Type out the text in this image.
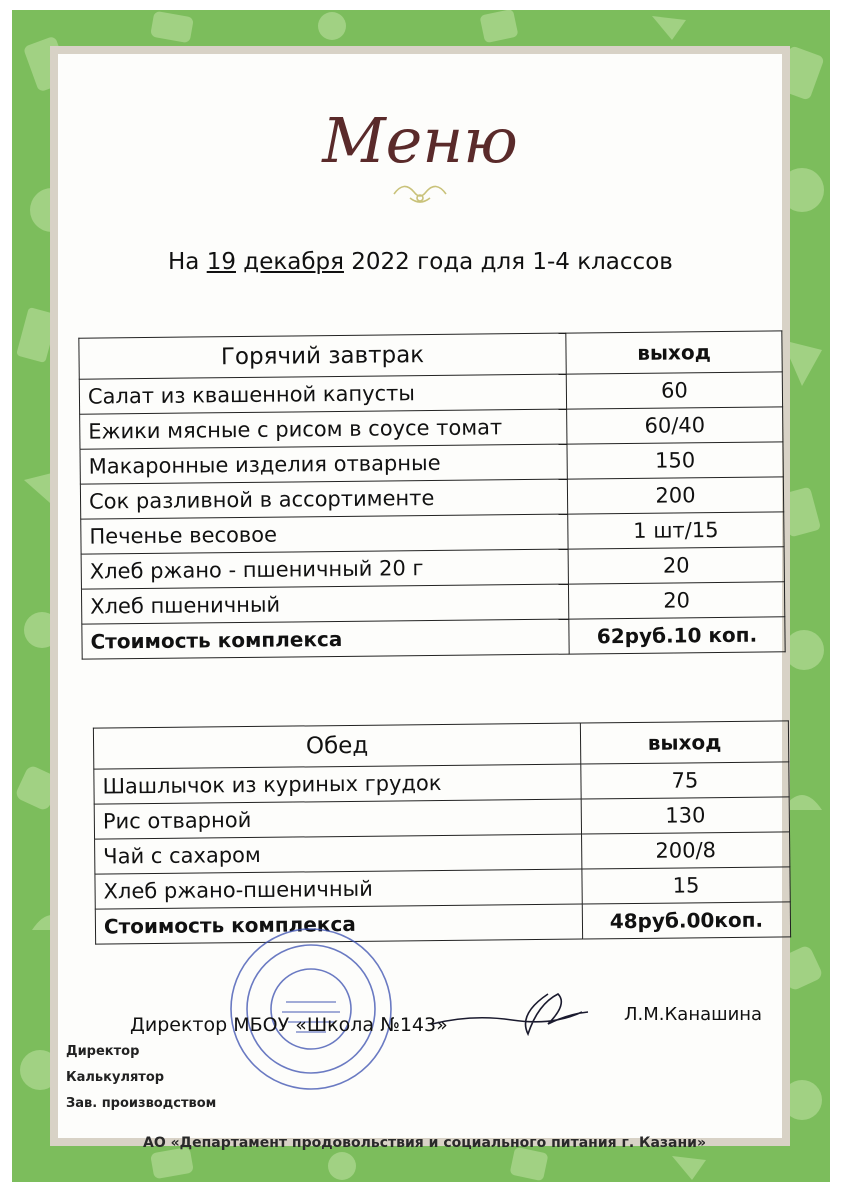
Меню
На 19 декабря 2022 года для 1-4 классов
Горячий завтрак	выход
Салат из квашенной капусты	60
Ежики мясные с рисом в соусе томат	60/40
Макаронные изделия отварные	150
Сок разливной в ассортименте	200
Печенье весовое	1 шт/15
Хлеб ржано - пшеничный 20 г	20
Хлеб пшеничный	20
Стоимость комплекса	62руб.10 коп.
Обед	выход
Шашлычок из куриных грудок	75
Рис отварной	130
Чай с сахаром	200/8
Хлеб ржано-пшеничный	15
Стоимость комплекса	48руб.00коп.
Директор МБОУ «Школа №143»	Л.М.Канашина
Директор
Калькулятор
Зав. производством
АО «Департамент продовольствия и социального питания г. Казани»
